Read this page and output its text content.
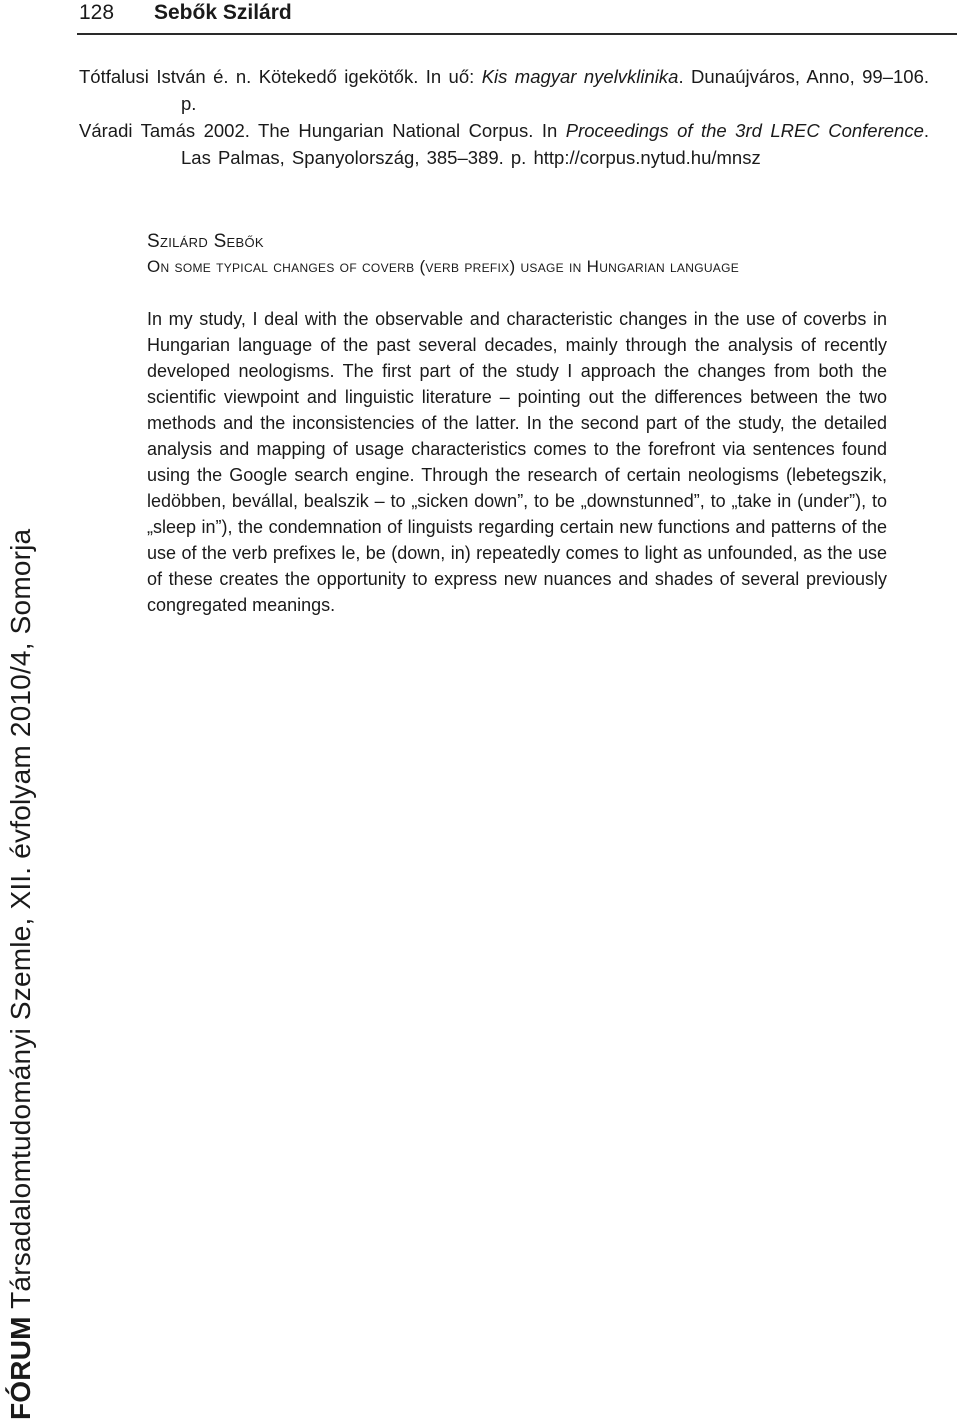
128 Sebők Szilárd
Tótfalusi István é. n. Kötekedő igekötők. In uő: Kis magyar nyelvklinika. Dunaújváros, Anno, 99–106. p.
Váradi Tamás 2002. The Hungarian National Corpus. In Proceedings of the 3rd LREC Conference. Las Palmas, Spanyolország, 385–389. p. http://corpus.nytud.hu/mnsz
Szilárd Sebők
On some typical changes of coverb (verb prefix) usage in Hungarian language
In my study, I deal with the observable and characteristic changes in the use of coverbs in Hungarian language of the past several decades, mainly through the analysis of recently developed neologisms. The first part of the study I approach the changes from both the scientific viewpoint and linguistic literature – pointing out the differences between the two methods and the inconsistencies of the latter. In the second part of the study, the detailed analysis and mapping of usage characteristics comes to the forefront via sentences found using the Google search engine. Through the research of certain neologisms (lebetegszik, ledöbben, bevállal, bealszik – to „sicken down”, to be „downstunned”, to „take in (under”), to „sleep in”), the condemnation of linguists regarding certain new functions and patterns of the use of the verb prefixes le, be (down, in) repeatedly comes to light as unfounded, as the use of these creates the opportunity to express new nuances and shades of several previously congregated meanings.
FÓRUM Társadalomtudományi Szemle, XII. évfolyam 2010/4, Somorja
